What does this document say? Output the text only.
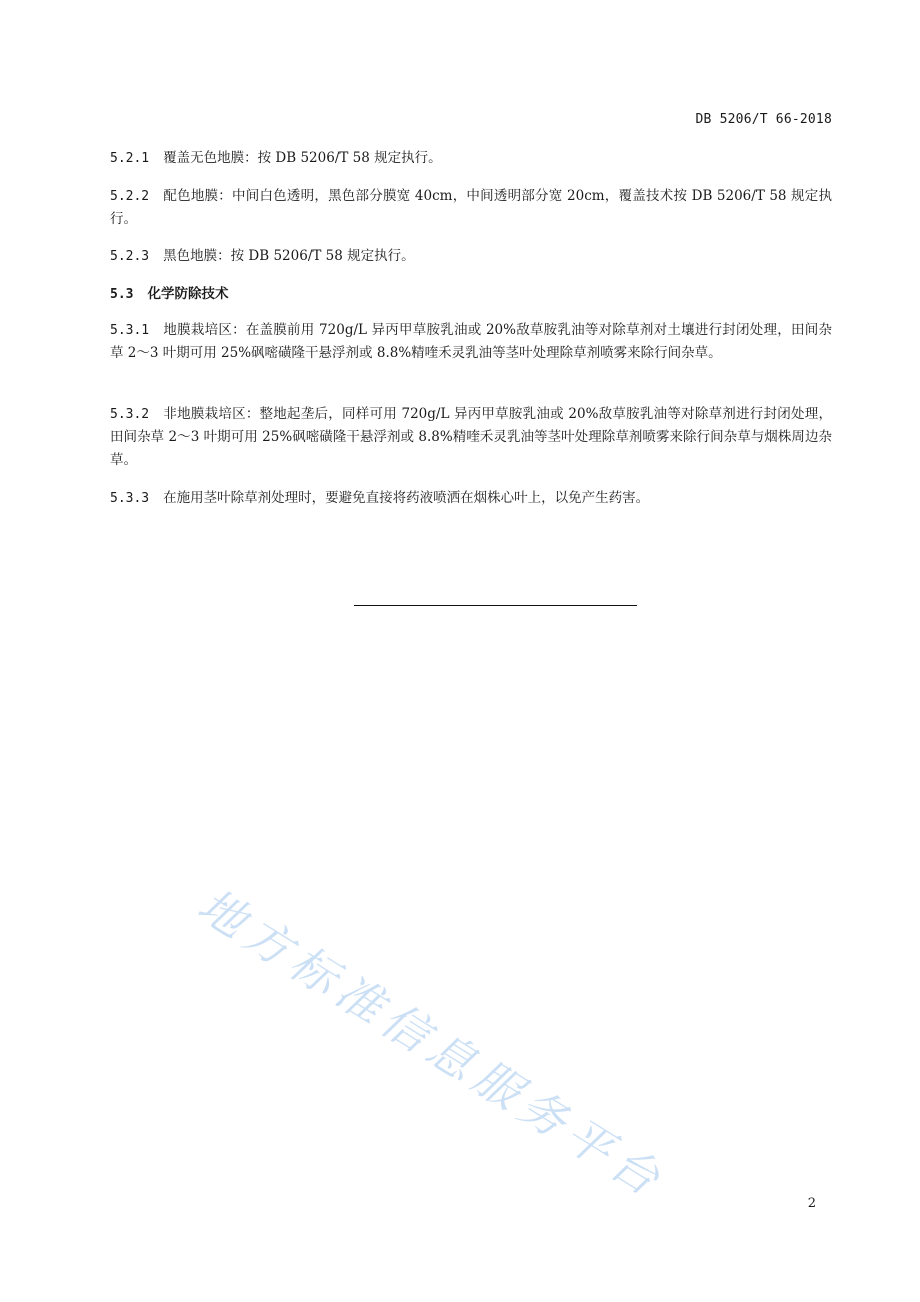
DB 5206/T 66-2018
5.2.1 覆盖无色地膜：按 DB 5206/T 58 规定执行。
5.2.2 配色地膜：中间白色透明，黑色部分膜宽 40cm，中间透明部分宽 20cm，覆盖技术按 DB 5206/T 58 规定执行。
5.2.3 黑色地膜：按 DB 5206/T 58 规定执行。
5.3 化学防除技术
5.3.1 地膜栽培区：在盖膜前用 720g/L 异丙甲草胺乳油或 20%敌草胺乳油等对除草剂对土壤进行封闭处理，田间杂草 2～3 叶期可用 25%砜嘧磺隆干悬浮剂或 8.8%精喹禾灵乳油等茎叶处理除草剂喷雾来除行间杂草。
5.3.2 非地膜栽培区：整地起垄后，同样可用 720g/L 异丙甲草胺乳油或 20%敌草胺乳油等对除草剂进行封闭处理，田间杂草 2～3 叶期可用 25%砜嘧磺隆干悬浮剂或 8.8%精喹禾灵乳油等茎叶处理除草剂喷雾来除行间杂草与烟株周边杂草。
5.3.3 在施用茎叶除草剂处理时，要避免直接将药液喷洒在烟株心叶上，以免产生药害。
地方标准信息服务平台	2
